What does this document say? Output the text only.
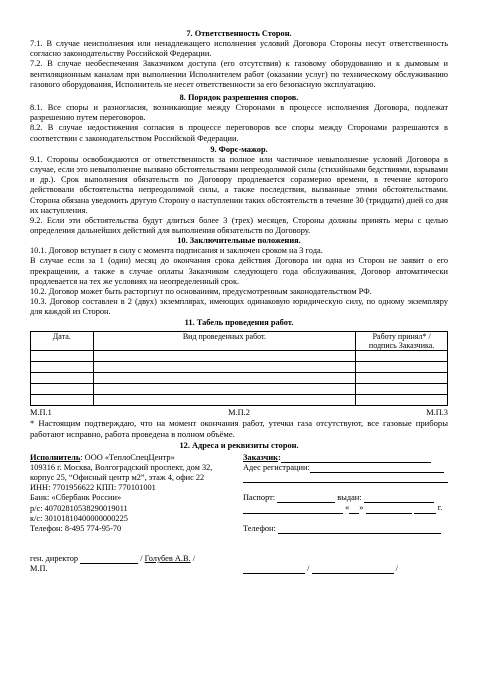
7. Ответственность Сторон.

7.1. В случае неисполнения или ненадлежащего исполнения условий Договора Стороны несут ответственность согласно законодательству Российской Федерации.

7.2. В случае необеспечения Заказчиком доступа (его отсутствия) к газовому оборудованию и к дымовым и вентиляционным каналам при выполнении Исполнителем работ (оказании услуг) по техническому обслуживанию газового оборудования, Исполнитель не несет ответственности за его безопасную эксплуатацию.

8. Порядок разрешения споров.

8.1. Все споры и разногласия, возникающие между Сторонами в процессе исполнения Договора, подлежат разрешению путем переговоров.

8.2. В случае недостижения согласия в процессе переговоров все споры между Сторонами разрешаются в соответствии с законодательством Российской Федерации.

9. Форс-мажор.

9.1. Стороны освобождаются от ответственности за полное или частичное невыполнение условий Договора в случае, если это невыполнение вызвано обстоятельствами непреодолимой силы (стихийными бедствиями, взрывами и др.). Срок выполнения обязательств по Договору продлевается соразмерно времени, в течение которого действовали обстоятельства непреодолимой силы, а также последствия, вызванные этими обстоятельствами. Сторона обязана уведомить другую Сторону о наступлении таких обстоятельств в течение 30 (тридцати) дней со дня их наступления.

9.2. Если эти обстоятельства будут длиться более 3 (трех) месяцев, Стороны должны принять меры с целью определения дальнейших действий для выполнения обязательств по Договору.

10. Заключительные положения.

10.1. Договор вступает в силу с момента подписания и заключен сроком на 3 года.

В случае если за 1 (один) месяц до окончания срока действия Договора ни одна из Сторон не заявит о его прекращении, а также в случае оплаты Заказчиком следующего года обслуживания, Договор автоматически продлевается на тех же условиях на неопределенный срок.

10.2. Договор может быть расторгнут по основаниям, предусмотренным законодательством РФ.

10.3. Договор составлен в 2 (двух) экземплярах, имеющих одинаковую юридическую силу, по одному экземпляру для каждой из Сторон.

11. Табель проведения работ.

Дата.	Вид проведенных работ.	Работу принял* / подпись Заказчика.

М.П.1	М.П.2	М.П.3

* Настоящим подтверждаю, что на момент окончания работ, утечки газа отсутствуют, все газовые приборы работают исправно, работа проведена в полном объёме.

12. Адреса и реквизиты сторон.

Исполнитель: ООО «ТеплоСпецЦентр»

109316 г. Москва, Волгоградский проспект, дом 32,

корпус 25, “Офисный центр м2”, этаж 4, офис 22

ИНН: 7701956622 КПП: 770101001

Банк: «Сбербанк России»

р/с: 40702810538290019011

к/с: 30101810400000000225

Телефон: 8-495 774-95-70

ген. директор	/ Голубев А.В. /

М.П.

Заказчик:

Адес регистрации:

Паспорт:	выдан:

« »	г.

Телефон:

/	/
